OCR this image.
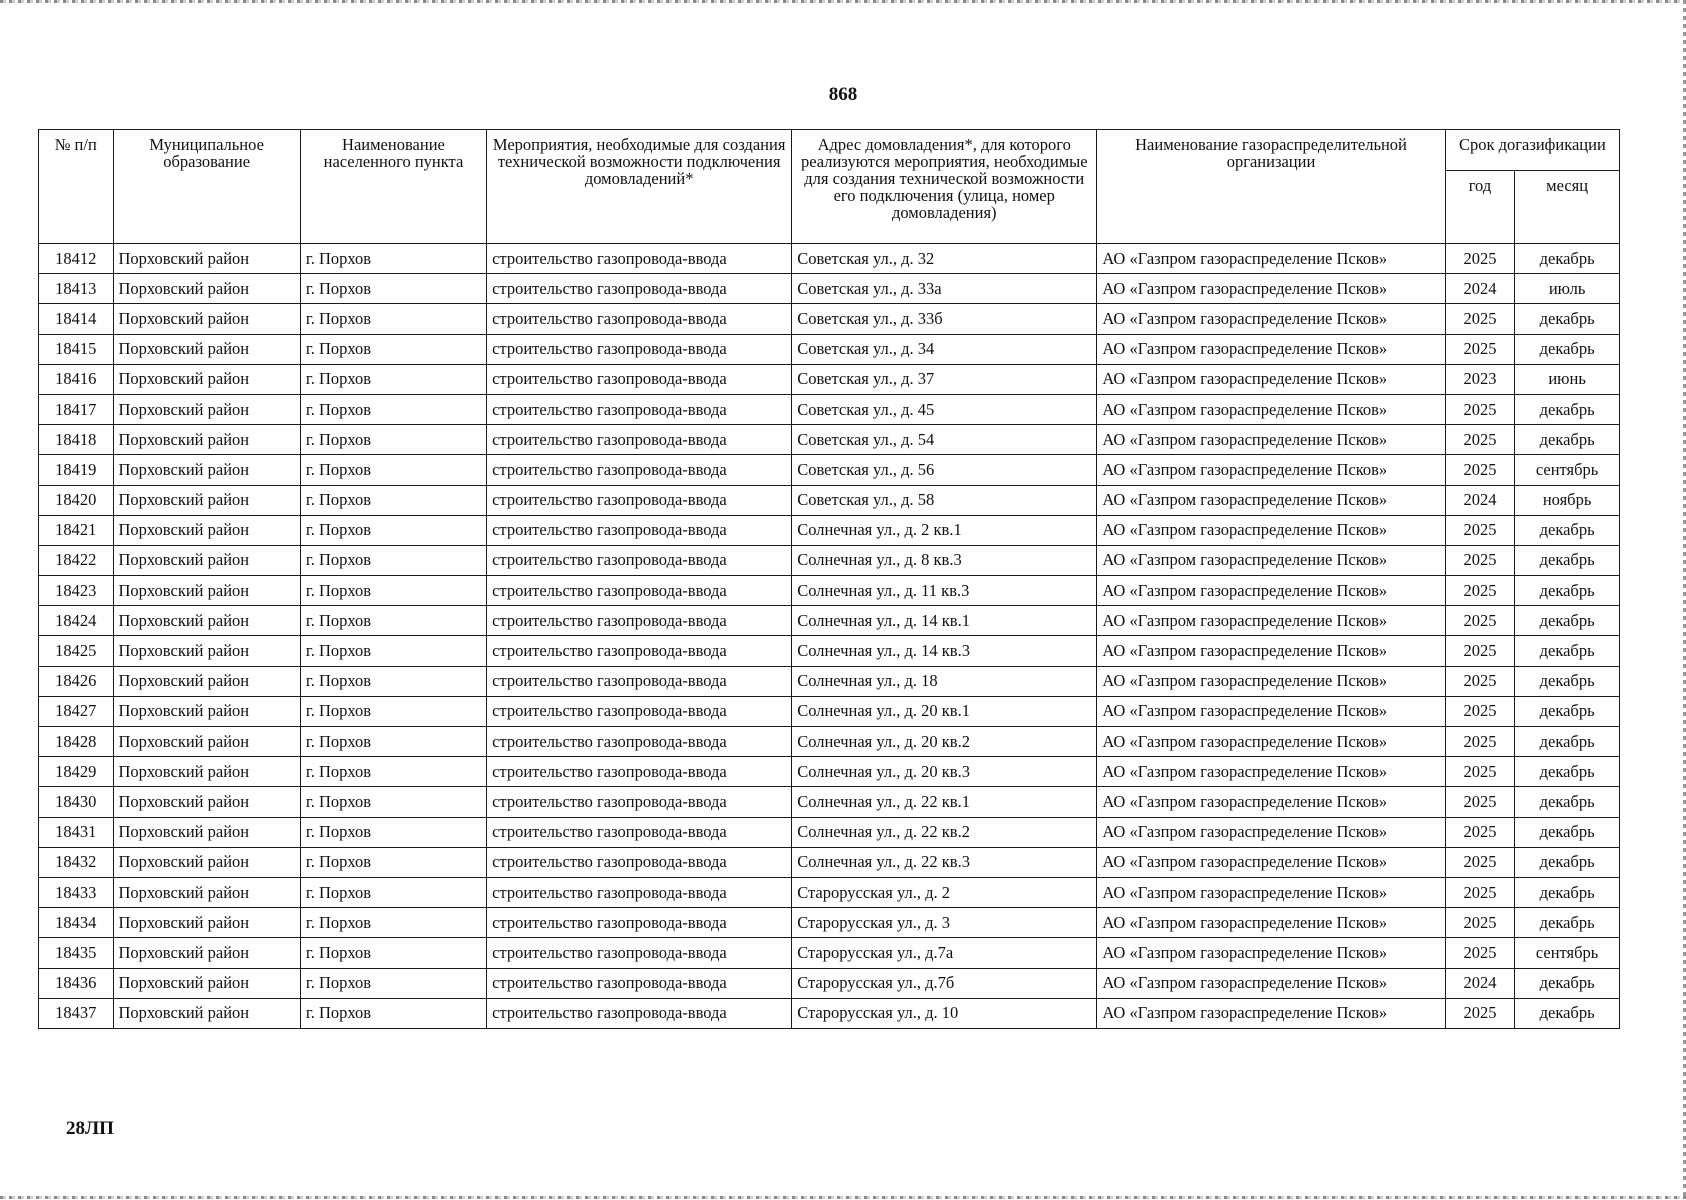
868
№ п/п	Муниципальное образование	Наименование населенного пункта	Мероприятия, необходимые для создания технической возможности подключения домовладений*	Адрес домовладения*, для которого реализуются мероприятия, необходимые для создания технической возможности его подключения (улица, номер домовладения)	Наименование газораспределительной организации	Срок догазификации	
						год	месяц
18412	Порховский район	г. Порхов	строительство газопровода-ввода	Советская ул., д. 32	АО «Газпром газораспределение Псков»	2025	декабрь
18413	Порховский район	г. Порхов	строительство газопровода-ввода	Советская ул., д. 33а	АО «Газпром газораспределение Псков»	2024	июль
18414	Порховский район	г. Порхов	строительство газопровода-ввода	Советская ул., д. 33б	АО «Газпром газораспределение Псков»	2025	декабрь
18415	Порховский район	г. Порхов	строительство газопровода-ввода	Советская ул., д. 34	АО «Газпром газораспределение Псков»	2025	декабрь
18416	Порховский район	г. Порхов	строительство газопровода-ввода	Советская ул., д. 37	АО «Газпром газораспределение Псков»	2023	июнь
18417	Порховский район	г. Порхов	строительство газопровода-ввода	Советская ул., д. 45	АО «Газпром газораспределение Псков»	2025	декабрь
18418	Порховский район	г. Порхов	строительство газопровода-ввода	Советская ул., д. 54	АО «Газпром газораспределение Псков»	2025	декабрь
18419	Порховский район	г. Порхов	строительство газопровода-ввода	Советская ул., д. 56	АО «Газпром газораспределение Псков»	2025	сентябрь
18420	Порховский район	г. Порхов	строительство газопровода-ввода	Советская ул., д. 58	АО «Газпром газораспределение Псков»	2024	ноябрь
18421	Порховский район	г. Порхов	строительство газопровода-ввода	Солнечная ул., д. 2 кв.1	АО «Газпром газораспределение Псков»	2025	декабрь
18422	Порховский район	г. Порхов	строительство газопровода-ввода	Солнечная ул., д. 8 кв.3	АО «Газпром газораспределение Псков»	2025	декабрь
18423	Порховский район	г. Порхов	строительство газопровода-ввода	Солнечная ул., д. 11 кв.3	АО «Газпром газораспределение Псков»	2025	декабрь
18424	Порховский район	г. Порхов	строительство газопровода-ввода	Солнечная ул., д. 14 кв.1	АО «Газпром газораспределение Псков»	2025	декабрь
18425	Порховский район	г. Порхов	строительство газопровода-ввода	Солнечная ул., д. 14 кв.3	АО «Газпром газораспределение Псков»	2025	декабрь
18426	Порховский район	г. Порхов	строительство газопровода-ввода	Солнечная ул., д. 18	АО «Газпром газораспределение Псков»	2025	декабрь
18427	Порховский район	г. Порхов	строительство газопровода-ввода	Солнечная ул., д. 20 кв.1	АО «Газпром газораспределение Псков»	2025	декабрь
18428	Порховский район	г. Порхов	строительство газопровода-ввода	Солнечная ул., д. 20 кв.2	АО «Газпром газораспределение Псков»	2025	декабрь
18429	Порховский район	г. Порхов	строительство газопровода-ввода	Солнечная ул., д. 20 кв.3	АО «Газпром газораспределение Псков»	2025	декабрь
18430	Порховский район	г. Порхов	строительство газопровода-ввода	Солнечная ул., д. 22 кв.1	АО «Газпром газораспределение Псков»	2025	декабрь
18431	Порховский район	г. Порхов	строительство газопровода-ввода	Солнечная ул., д. 22 кв.2	АО «Газпром газораспределение Псков»	2025	декабрь
18432	Порховский район	г. Порхов	строительство газопровода-ввода	Солнечная ул., д. 22 кв.3	АО «Газпром газораспределение Псков»	2025	декабрь
18433	Порховский район	г. Порхов	строительство газопровода-ввода	Старорусская ул., д. 2	АО «Газпром газораспределение Псков»	2025	декабрь
18434	Порховский район	г. Порхов	строительство газопровода-ввода	Старорусская ул., д. 3	АО «Газпром газораспределение Псков»	2025	декабрь
18435	Порховский район	г. Порхов	строительство газопровода-ввода	Старорусская ул., д.7а	АО «Газпром газораспределение Псков»	2025	сентябрь
18436	Порховский район	г. Порхов	строительство газопровода-ввода	Старорусская ул., д.7б	АО «Газпром газораспределение Псков»	2024	декабрь
18437	Порховский район	г. Порхов	строительство газопровода-ввода	Старорусская ул., д. 10	АО «Газпром газораспределение Псков»	2025	декабрь
28ЛП
